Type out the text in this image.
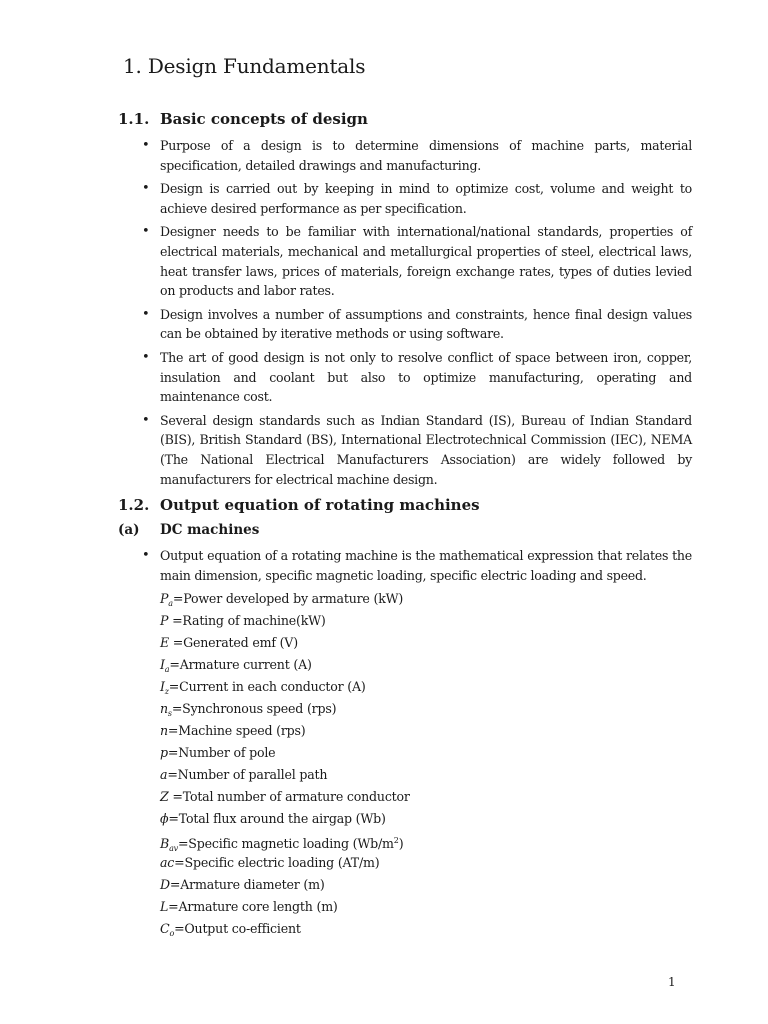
1. Design Fundamentals
1.1. Basic concepts of design
• Purpose of a design is to determine dimensions of machine parts, material specification, detailed drawings and manufacturing.
• Design is carried out by keeping in mind to optimize cost, volume and weight to achieve desired performance as per specification.
• Designer needs to be familiar with international/national standards, properties of electrical materials, mechanical and metallurgical properties of steel, electrical laws, heat transfer laws, prices of materials, foreign exchange rates, types of duties levied on products and labor rates.
• Design involves a number of assumptions and constraints, hence final design values can be obtained by iterative methods or using software.
• The art of good design is not only to resolve conflict of space between iron, copper, insulation and coolant but also to optimize manufacturing, operating and maintenance cost.
• Several design standards such as Indian Standard (IS), Bureau of Indian Standard (BIS), British Standard (BS), International Electrotechnical Commission (IEC), NEMA (The National Electrical Manufacturers Association) are widely followed by manufacturers for electrical machine design.
1.2. Output equation of rotating machines
(a) DC machines
• Output equation of a rotating machine is the mathematical expression that relates the main dimension, specific magnetic loading, specific electric loading and speed.
$P_a=Power$ developed by armature (kW)
P =Rating of machine(kW)
E =Generated emf (V)
$I_a=Armature$ current (A)
$I_z=Current$ in each conductor (A)
$n_s=Synchronous$ speed (rps)
n=Machine speed (rps)
p=Number of pole
a=Number of parallel path
Z =Total number of armature conductor
ϕ=Total flux around the airgap (Wb)
$B_{av}=Specific$ magnetic loading $(Wb/m^2)$
ac=Specific electric loading (AT/m)
D=Armature diameter (m)
L=Armature core length (m)
$C_o=Output$ co-efficient
1
